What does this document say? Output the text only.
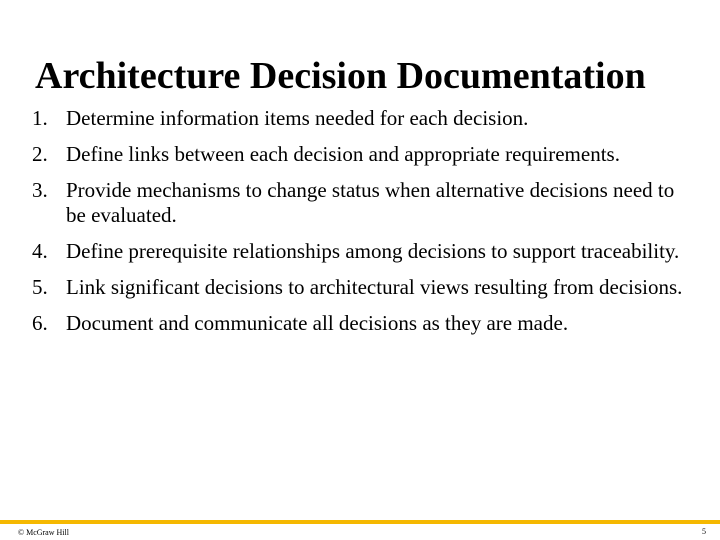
Architecture Decision Documentation
1. Determine information items needed for each decision.
2. Define links between each decision and appropriate requirements.
3. Provide mechanisms to change status when alternative decisions need to be evaluated.
4. Define prerequisite relationships among decisions to support traceability.
5. Link significant decisions to architectural views resulting from decisions.
6. Document and communicate all decisions as they are made.
© McGraw Hill	5
